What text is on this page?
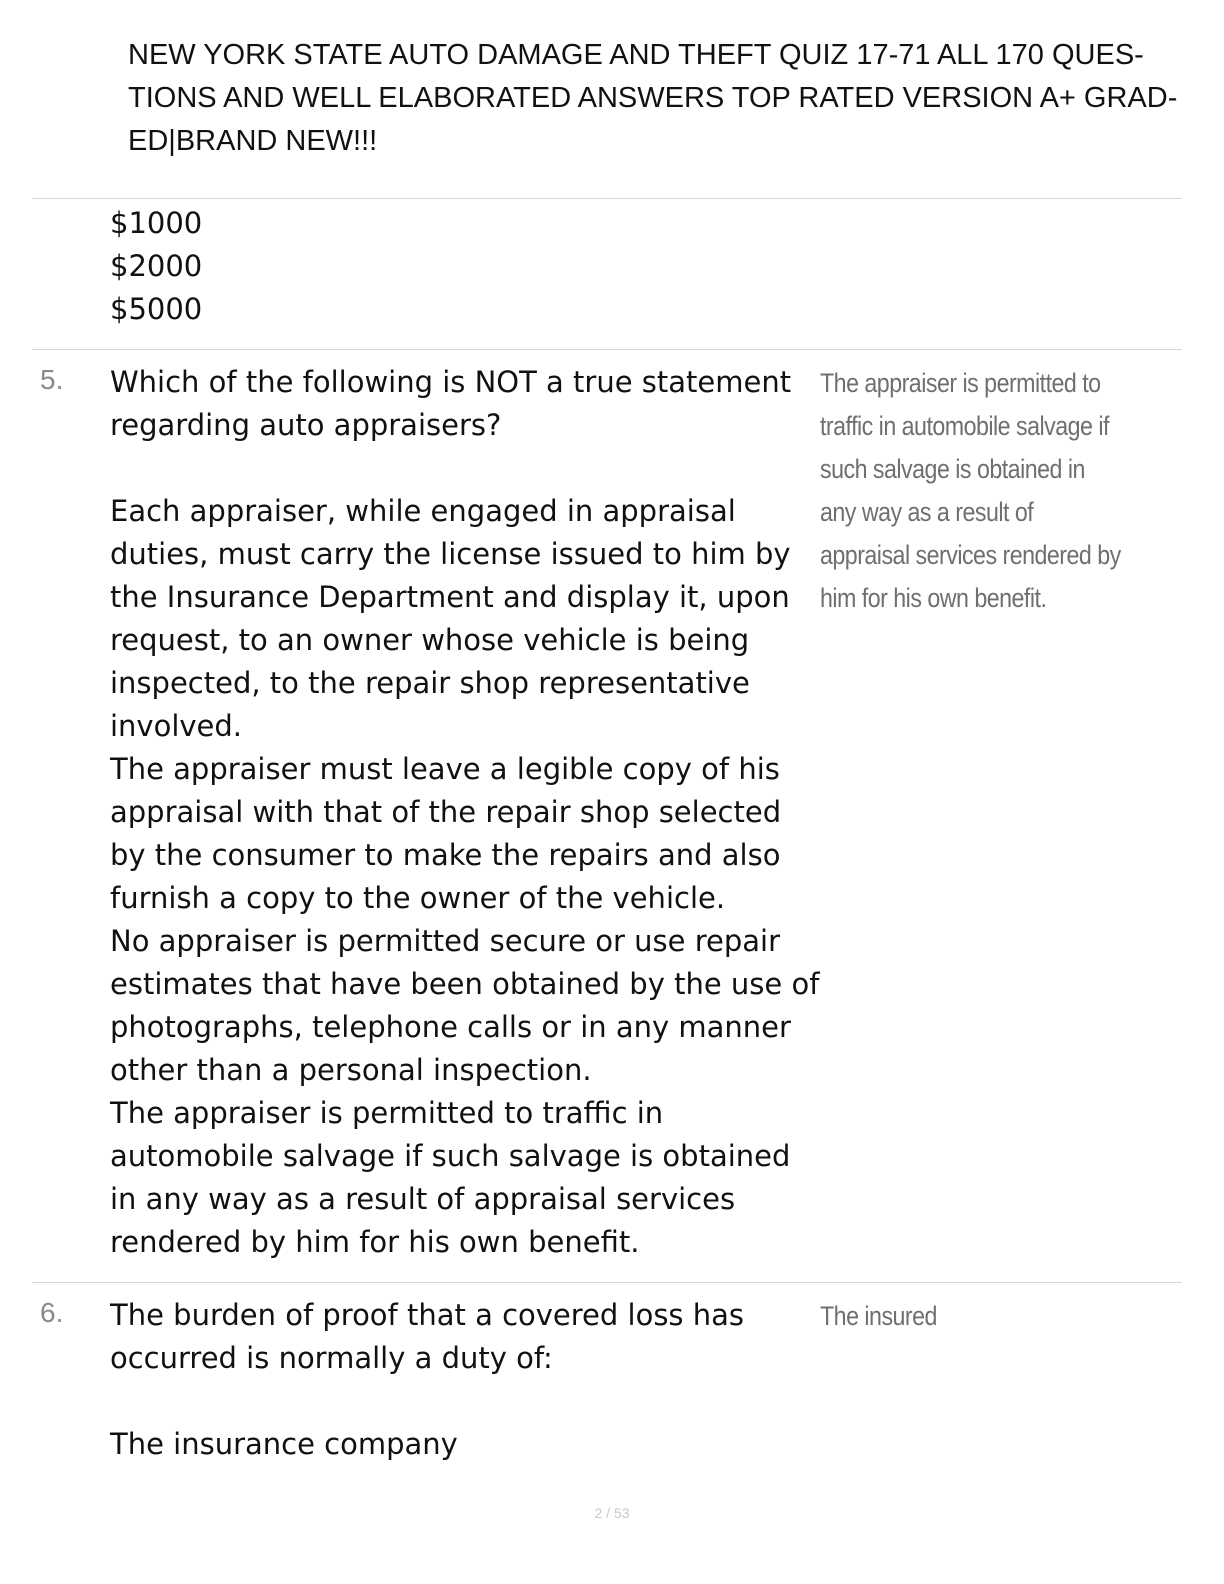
NEW YORK STATE AUTO DAMAGE AND THEFT QUIZ 17-71 ALL 170 QUES-
TIONS AND WELL ELABORATED ANSWERS TOP RATED VERSION A+ GRAD-
ED|BRAND NEW!!!
$1000
$2000
$5000
5. Which of the following is NOT a true statement regarding auto appraisers?
Each appraiser, while engaged in appraisal duties, must carry the license issued to him by the Insurance Department and display it, upon request, to an owner whose vehicle is being inspected, to the repair shop representative involved.
The appraiser must leave a legible copy of his appraisal with that of the repair shop selected by the consumer to make the repairs and also furnish a copy to the owner of the vehicle.
No appraiser is permitted secure or use repair estimates that have been obtained by the use of photographs, telephone calls or in any manner other than a personal inspection.
The appraiser is permitted to traffic in automobile salvage if such salvage is obtained in any way as a result of appraisal services rendered by him for his own benefit.
The appraiser is permitted to traffic in automobile salvage if such salvage is obtained in any way as a result of appraisal services rendered by him for his own benefit.
6. The burden of proof that a covered loss has occurred is normally a duty of:
The insurance company
The insured
2 / 53
